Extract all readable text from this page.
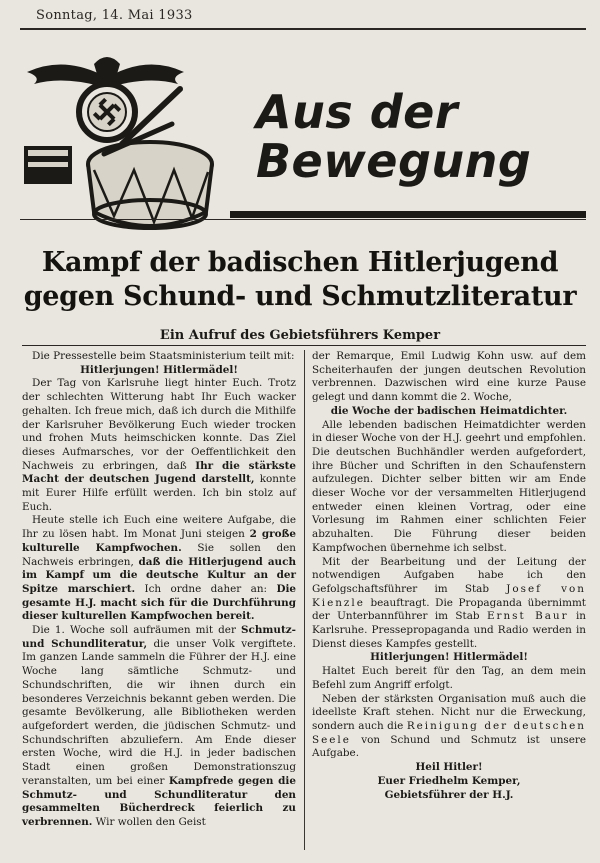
Sonntag, 14. Mai 1933
Aus der
Bewegung
Kampf der badischen Hitlerjugend gegen Schund- und Schmutzliteratur
Ein Aufruf des Gebietsführers Kemper

Die Pressestelle beim Staatsministerium teilt mit:

Hitlerjungen! Hitlermädel!

Der Tag von Karlsruhe liegt hinter Euch. Trotz der schlechten Witterung habt Ihr Euch wacker gehalten. Ich freue mich, daß ich durch die Mithilfe der Karlsruher Bevölkerung Euch wieder trocken und frohen Muts heimschicken konnte. Das Ziel dieses Aufmarsches, vor der Oeffentlichkeit den Nachweis zu erbringen, daß Ihr die stärkste Macht der deutschen Jugend darstellt, konnte mit Eurer Hilfe erfüllt werden. Ich bin stolz auf Euch.

Heute stelle ich Euch eine weitere Aufgabe, die Ihr zu lösen habt. Im Monat Juni steigen 2 große kulturelle Kampfwochen. Sie sollen den Nachweis erbringen, daß die Hitlerjugend auch im Kampf um die deutsche Kultur an der Spitze marschiert. Ich ordne daher an: Die gesamte H.J. macht sich für die Durchführung dieser kulturellen Kampfwochen bereit.

Die 1. Woche soll aufräumen mit der Schmutz- und Schundliteratur, die unser Volk vergiftete. Im ganzen Lande sammeln die Führer der H.J. eine Woche lang sämtliche Schmutz- und Schundschriften, die wir ihnen durch ein besonderes Verzeichnis bekannt geben werden. Die gesamte Bevölkerung, alle Bibliotheken werden aufgefordert werden, die jüdischen Schmutz- und Schundschriften abzuliefern. Am Ende dieser ersten Woche, wird die H.J. in jeder badischen Stadt einen großen Demonstrationszug veranstalten, um bei einer Kampfrede gegen die Schmutz- und Schundliteratur den gesammelten Bücherdreck feierlich zu verbrennen. Wir wollen den Geist

der Remarque, Emil Ludwig Kohn usw. auf dem Scheiterhaufen der jungen deutschen Revolution verbrennen. Dazwischen wird eine kurze Pause gelegt und dann kommt die 2. Woche,

die Woche der badischen Heimatdichter.

Alle lebenden badischen Heimatdichter werden in dieser Woche von der H.J. geehrt und empfohlen. Die deutschen Buchhändler werden aufgefordert, ihre Bücher und Schriften in den Schaufenstern aufzulegen. Dichter selber bitten wir am Ende dieser Woche vor der versammelten Hitlerjugend entweder einen kleinen Vortrag, oder eine Vorlesung im Rahmen einer schlichten Feier abzuhalten. Die Führung dieser beiden Kampfwochen übernehme ich selbst.

Mit der Bearbeitung und der Leitung der notwendigen Aufgaben habe ich den Gefolgschaftsführer im Stab Josef von Kienzle beauftragt. Die Propaganda übernimmt der Unterbannführer im Stab Ernst Baur in Karlsruhe. Pressepropaganda und Radio werden in Dienst dieses Kampfes gestellt.

Hitlerjungen! Hitlermädel!

Haltet Euch bereit für den Tag, an dem mein Befehl zum Angriff erfolgt.

Neben der stärksten Organisation muß auch die ideellste Kraft stehen. Nicht nur die Erweckung, sondern auch die Reinigung der deutschen Seele von Schund und Schmutz ist unsere Aufgabe.

Heil Hitler!

Euer Friedhelm Kemper,

Gebietsführer der H.J.
